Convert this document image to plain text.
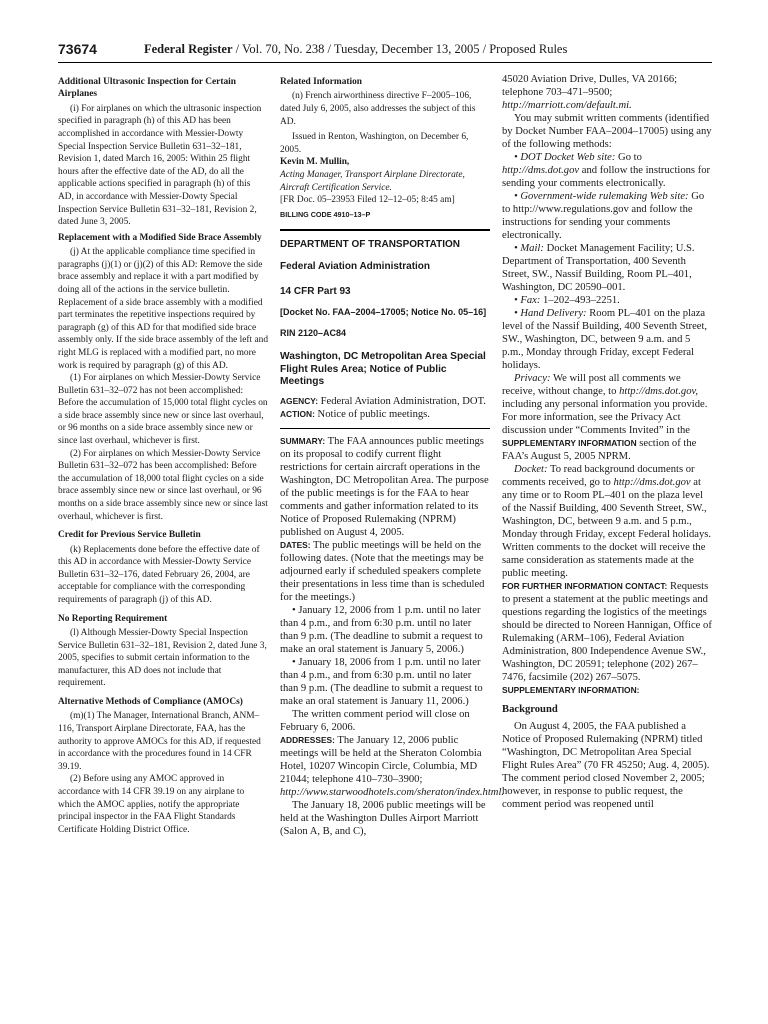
73674	Federal Register / Vol. 70, No. 238 / Tuesday, December 13, 2005 / Proposed Rules

Additional Ultrasonic Inspection for Certain Airplanes

(i) For airplanes on which the ultrasonic inspection specified in paragraph (h) of this AD has been accomplished in accordance with Messier-Dowty Special Inspection Service Bulletin 631–32–181, Revision 1, dated March 16, 2005: Within 25 flight hours after the effective date of the AD, do all the applicable actions specified in paragraph (h) of this AD, in accordance with Messier-Dowty Special Inspection Service Bulletin 631–32–181, Revision 2, dated June 3, 2005.

Replacement with a Modified Side Brace Assembly

(j) At the applicable compliance time specified in paragraphs (j)(1) or (j)(2) of this AD: Remove the side brace assembly and replace it with a part modified by doing all of the actions in the service bulletin. Replacement of a side brace assembly with a modified part terminates the repetitive inspections required by paragraph (g) of this AD for that modified side brace assembly only. If the side brace assembly of the left and right MLG is replaced with a modified part, no more work is required by paragraph (g) of this AD.

(1) For airplanes on which Messier-Dowty Service Bulletin 631–32–072 has not been accomplished: Before the accumulation of 15,000 total flight cycles on a side brace assembly since new or since last overhaul, or 96 months on a side brace assembly since new or since last overhaul, whichever is first.

(2) For airplanes on which Messier-Dowty Service Bulletin 631–32–072 has been accomplished: Before the accumulation of 18,000 total flight cycles on a side brace assembly since new or since last overhaul, or 96 months on a side brace assembly since new or since last overhaul, whichever is first.

Credit for Previous Service Bulletin

(k) Replacements done before the effective date of this AD in accordance with Messier-Dowty Service Bulletin 631–32–176, dated February 26, 2004, are acceptable for compliance with the corresponding requirements of paragraph (j) of this AD.

No Reporting Requirement

(l) Although Messier-Dowty Special Inspection Service Bulletin 631–32–181, Revision 2, dated June 3, 2005, specifies to submit certain information to the manufacturer, this AD does not include that requirement.

Alternative Methods of Compliance (AMOCs)

(m)(1) The Manager, International Branch, ANM–116, Transport Airplane Directorate, FAA, has the authority to approve AMOCs for this AD, if requested in accordance with the procedures found in 14 CFR 39.19.

(2) Before using any AMOC approved in accordance with 14 CFR 39.19 on any airplane to which the AMOC applies, notify the appropriate principal inspector in the FAA Flight Standards Certificate Holding District Office.

Related Information

(n) French airworthiness directive F–2005–106, dated July 6, 2005, also addresses the subject of this AD.

Issued in Renton, Washington, on December 6, 2005.

Kevin M. Mullin,

Acting Manager, Transport Airplane Directorate, Aircraft Certification Service.

[FR Doc. 05–23953 Filed 12–12–05; 8:45 am]

BILLING CODE 4910–13–P

DEPARTMENT OF TRANSPORTATION

Federal Aviation Administration

14 CFR Part 93

[Docket No. FAA–2004–17005; Notice No. 05–16]

RIN 2120–AC84

Washington, DC Metropolitan Area Special Flight Rules Area; Notice of Public Meetings

AGENCY: Federal Aviation Administration, DOT.

ACTION: Notice of public meetings.

SUMMARY: The FAA announces public meetings on its proposal to codify current flight restrictions for certain aircraft operations in the Washington, DC Metropolitan Area. The purpose of the public meetings is for the FAA to hear comments and gather information related to its Notice of Proposed Rulemaking (NPRM) published on August 4, 2005.

DATES: The public meetings will be held on the following dates. (Note that the meetings may be adjourned early if scheduled speakers complete their presentations in less time than is scheduled for the meetings.)

• January 12, 2006 from 1 p.m. until no later than 4 p.m., and from 6:30 p.m. until no later than 9 p.m. (The deadline to submit a request to make an oral statement is January 5, 2006.)

• January 18, 2006 from 1 p.m. until no later than 4 p.m., and from 6:30 p.m. until no later than 9 p.m. (The deadline to submit a request to make an oral statement is January 11, 2006.)

The written comment period will close on February 6, 2006.

ADDRESSES: The January 12, 2006 public meetings will be held at the Sheraton Colombia Hotel, 10207 Wincopin Circle, Columbia, MD 21044; telephone 410–730–3900; http://www.starwoodhotels.com/sheraton/index.html.

The January 18, 2006 public meetings will be held at the Washington Dulles Airport Marriott (Salon A, B, and C),

45020 Aviation Drive, Dulles, VA 20166; telephone 703–471–9500; http://marriott.com/default.mi.

You may submit written comments (identified by Docket Number FAA–2004–17005) using any of the following methods:

• DOT Docket Web site: Go to http://dms.dot.gov and follow the instructions for sending your comments electronically.

• Government-wide rulemaking Web site: Go to http://www.regulations.gov and follow the instructions for sending your comments electronically.

• Mail: Docket Management Facility; U.S. Department of Transportation, 400 Seventh Street, SW., Nassif Building, Room PL–401, Washington, DC 20590–001.

• Fax: 1–202–493–2251.

• Hand Delivery: Room PL–401 on the plaza level of the Nassif Building, 400 Seventh Street, SW., Washington, DC, between 9 a.m. and 5 p.m., Monday through Friday, except Federal holidays.

Privacy: We will post all comments we receive, without change, to http://dms.dot.gov, including any personal information you provide. For more information, see the Privacy Act discussion under “Comments Invited” in the SUPPLEMENTARY INFORMATION section of the FAA’s August 5, 2005 NPRM.

Docket: To read background documents or comments received, go to http://dms.dot.gov at any time or to Room PL–401 on the plaza level of the Nassif Building, 400 Seventh Street, SW., Washington, DC, between 9 a.m. and 5 p.m., Monday through Friday, except Federal holidays. Written comments to the docket will receive the same consideration as statements made at the public meeting.

FOR FURTHER INFORMATION CONTACT: Requests to present a statement at the public meetings and questions regarding the logistics of the meetings should be directed to Noreen Hannigan, Office of Rulemaking (ARM–106), Federal Aviation Administration, 800 Independence Avenue SW., Washington, DC 20591; telephone (202) 267–7476, facsimile (202) 267–5075.

SUPPLEMENTARY INFORMATION:

Background

On August 4, 2005, the FAA published a Notice of Proposed Rulemaking (NPRM) titled “Washington, DC Metropolitan Area Special Flight Rules Area” (70 FR 45250; Aug. 4, 2005). The comment period closed November 2, 2005; however, in response to public request, the comment period was reopened until
